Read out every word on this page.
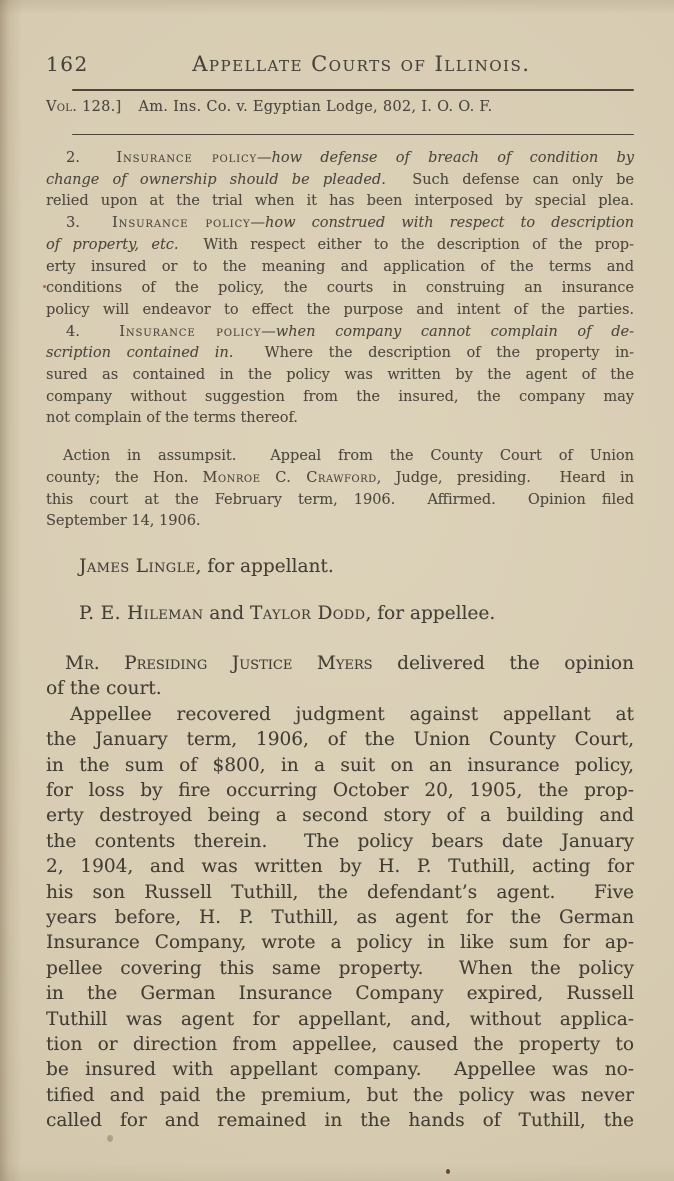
162	Appellate Courts of Illinois.
Vol. 128.] Am. Ins. Co. v. Egyptian Lodge, 802, I. O. O. F.
2.  Insurance policy—how defense of breach of condition by
change of ownership should be pleaded.  Such defense can only be
relied upon at the trial when it has been interposed by special plea.
3.  Insurance policy—how construed with respect to description
of property, etc.  With respect either to the description of the prop-
erty insured or to the meaning and application of the terms and
conditions of the policy, the courts in construing an insurance
policy will endeavor to effect the purpose and intent of the parties.
4.  Insurance policy—when company cannot complain of de-
scription contained in.  Where the description of the property in-
sured as contained in the policy was written by the agent of the
company without suggestion from the insured, the company may
not complain of the terms thereof.
Action in assumpsit.  Appeal from the County Court of Union
county; the Hon. Monroe C. Crawford, Judge, presiding.  Heard in
this court at the February term, 1906.  Affirmed.  Opinion filed
September 14, 1906.
James Lingle, for appellant.
P. E. Hileman and Taylor Dodd, for appellee.
Mr. Presiding Justice Myers delivered the opinion
of the court.
Appellee recovered judgment against appellant at
the January term, 1906, of the Union County Court,
in the sum of $800, in a suit on an insurance policy,
for loss by fire occurring October 20, 1905, the prop-
erty destroyed being a second story of a building and
the contents therein.  The policy bears date January
2, 1904, and was written by H. P. Tuthill, acting for
his son Russell Tuthill, the defendant’s agent.  Five
years before, H. P. Tuthill, as agent for the German
Insurance Company, wrote a policy in like sum for ap-
pellee covering this same property.  When the policy
in the German Insurance Company expired, Russell
Tuthill was agent for appellant, and, without applica-
tion or direction from appellee, caused the property to
be insured with appellant company.  Appellee was no-
tified and paid the premium, but the policy was never
called for and remained in the hands of Tuthill, the
